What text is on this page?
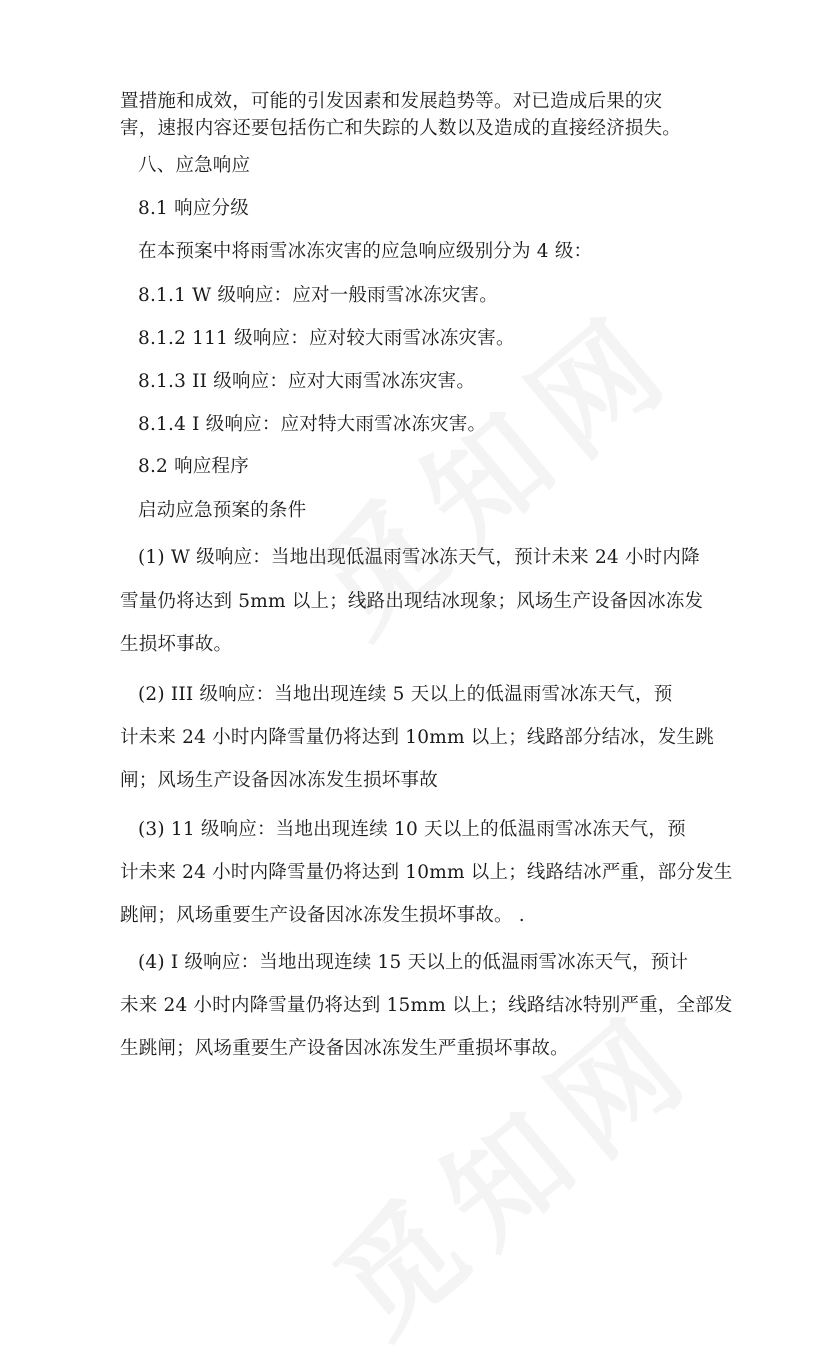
置措施和成效，可能的引发因素和发展趋势等。对已造成后果的灾
害，速报内容还要包括伤亡和失踪的人数以及造成的直接经济损失。
八、应急响应
8.1 响应分级
在本预案中将雨雪冰冻灾害的应急响应级别分为 4 级：
8.1.1 W 级响应：应对一般雨雪冰冻灾害。
8.1.2 111 级响应：应对较大雨雪冰冻灾害。
8.1.3 II 级响应：应对大雨雪冰冻灾害。
8.1.4 I 级响应：应对特大雨雪冰冻灾害。
8.2 响应程序
启动应急预案的条件
(1) W 级响应：当地出现低温雨雪冰冻天气，预计未来 24 小时内降
雪量仍将达到 5mm 以上；线路出现结冰现象；风场生产设备因冰冻发
生损坏事故。
(2) III 级响应：当地出现连续 5 天以上的低温雨雪冰冻天气，预
计未来 24 小时内降雪量仍将达到 10mm 以上；线路部分结冰，发生跳
闸；风场生产设备因冰冻发生损坏事故
(3) 11 级响应：当地出现连续 10 天以上的低温雨雪冰冻天气，预
计未来 24 小时内降雪量仍将达到 10mm 以上；线路结冰严重，部分发生
跳闸；风场重要生产设备因冰冻发生损坏事故。 .
(4) I 级响应：当地出现连续 15 天以上的低温雨雪冰冻天气，预计
未来 24 小时内降雪量仍将达到 15mm 以上；线路结冰特别严重，全部发
生跳闸；风场重要生产设备因冰冻发生严重损坏事故。
